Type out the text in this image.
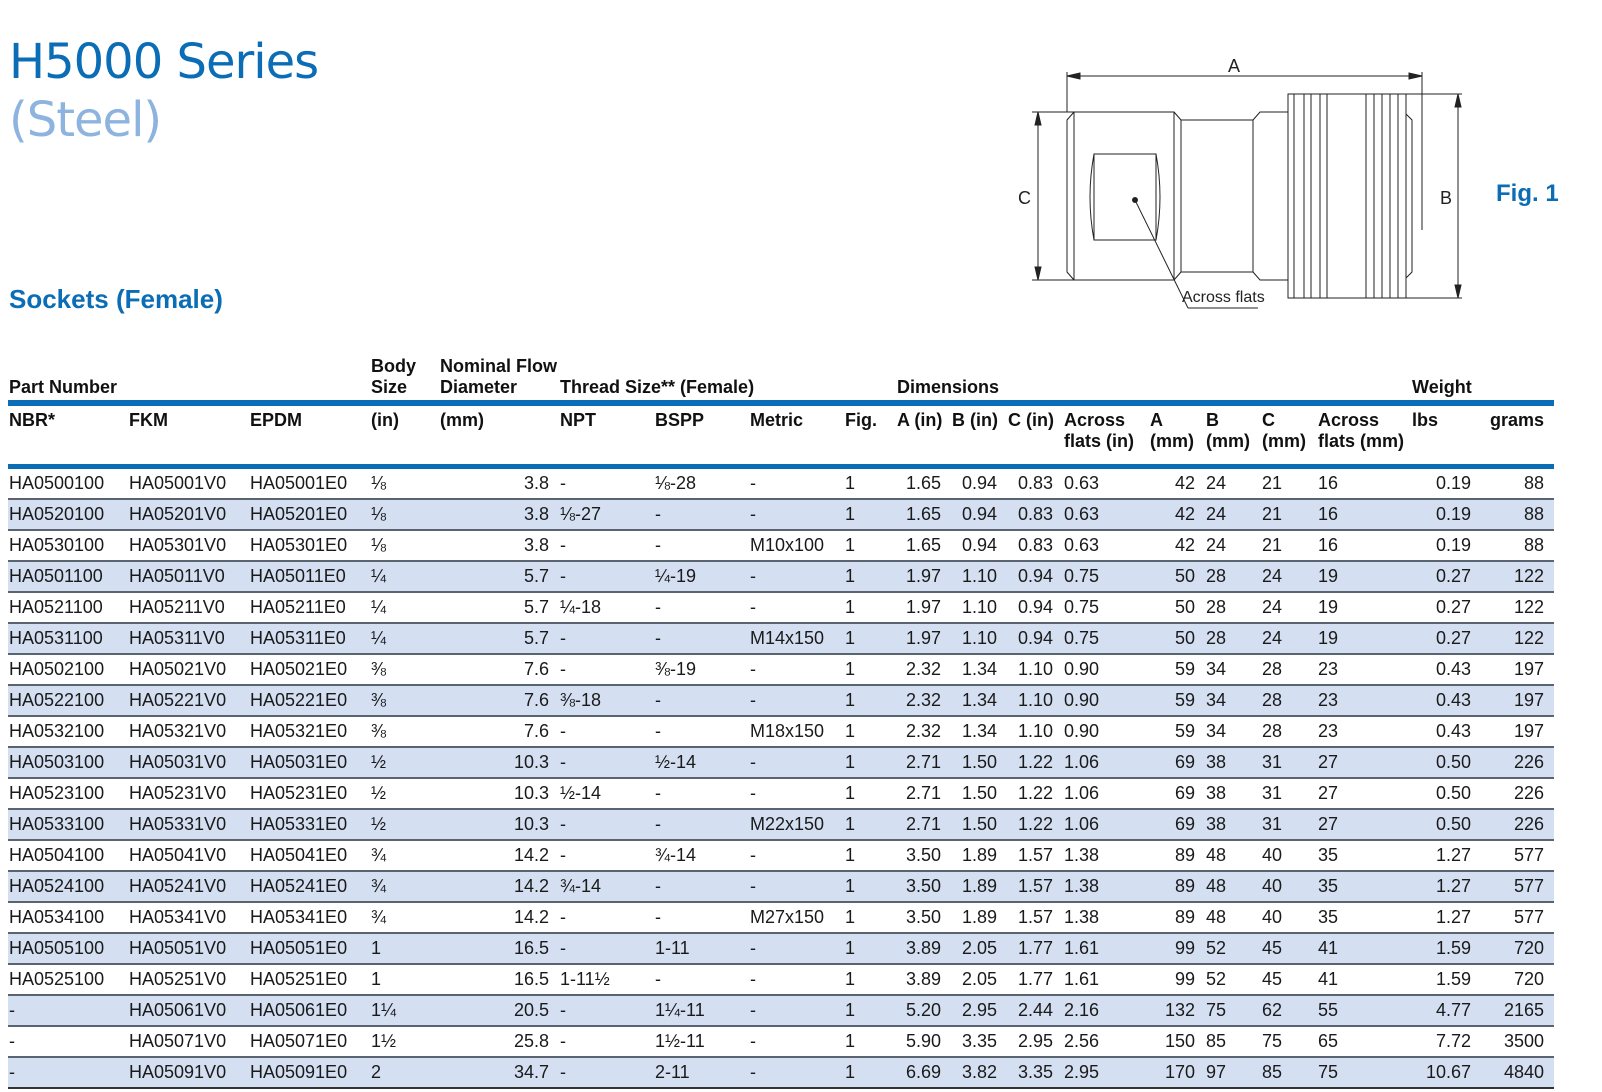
H5000 Series
(Steel)
Sockets (Female)
A
C	B
Across flats
Fig. 1
Part Number			Body Size	Nominal Flow Diameter	Thread Size** (Female)				Dimensions								Weight	
NBR*	FKM	EPDM	(in)	(mm)	NPT	BSPP	Metric	Fig.	A (in)	B (in)	C (in)	Across flats (in)	A (mm)	B (mm)	C (mm)	Across flats (mm)	lbs	grams
HA0500100	HA05001V0	HA05001E0	⅛	3.8	-	⅛-28	-	1	1.65	0.94	0.83	0.63	42	24	21	16	0.19	88
HA0520100	HA05201V0	HA05201E0	⅛	3.8	⅛-27	-	-	1	1.65	0.94	0.83	0.63	42	24	21	16	0.19	88
HA0530100	HA05301V0	HA05301E0	⅛	3.8	-	-	M10x100	1	1.65	0.94	0.83	0.63	42	24	21	16	0.19	88
HA0501100	HA05011V0	HA05011E0	¼	5.7	-	¼-19	-	1	1.97	1.10	0.94	0.75	50	28	24	19	0.27	122
HA0521100	HA05211V0	HA05211E0	¼	5.7	¼-18	-	-	1	1.97	1.10	0.94	0.75	50	28	24	19	0.27	122
HA0531100	HA05311V0	HA05311E0	¼	5.7	-	-	M14x150	1	1.97	1.10	0.94	0.75	50	28	24	19	0.27	122
HA0502100	HA05021V0	HA05021E0	⅜	7.6	-	⅜-19	-	1	2.32	1.34	1.10	0.90	59	34	28	23	0.43	197
HA0522100	HA05221V0	HA05221E0	⅜	7.6	⅜-18	-	-	1	2.32	1.34	1.10	0.90	59	34	28	23	0.43	197
HA0532100	HA05321V0	HA05321E0	⅜	7.6	-	-	M18x150	1	2.32	1.34	1.10	0.90	59	34	28	23	0.43	197
HA0503100	HA05031V0	HA05031E0	½	10.3	-	½-14	-	1	2.71	1.50	1.22	1.06	69	38	31	27	0.50	226
HA0523100	HA05231V0	HA05231E0	½	10.3	½-14	-	-	1	2.71	1.50	1.22	1.06	69	38	31	27	0.50	226
HA0533100	HA05331V0	HA05331E0	½	10.3	-	-	M22x150	1	2.71	1.50	1.22	1.06	69	38	31	27	0.50	226
HA0504100	HA05041V0	HA05041E0	¾	14.2	-	¾-14	-	1	3.50	1.89	1.57	1.38	89	48	40	35	1.27	577
HA0524100	HA05241V0	HA05241E0	¾	14.2	¾-14	-	-	1	3.50	1.89	1.57	1.38	89	48	40	35	1.27	577
HA0534100	HA05341V0	HA05341E0	¾	14.2	-	-	M27x150	1	3.50	1.89	1.57	1.38	89	48	40	35	1.27	577
HA0505100	HA05051V0	HA05051E0	1	16.5	-	1-11	-	1	3.89	2.05	1.77	1.61	99	52	45	41	1.59	720
HA0525100	HA05251V0	HA05251E0	1	16.5	1-11½	-	-	1	3.89	2.05	1.77	1.61	99	52	45	41	1.59	720
-	HA05061V0	HA05061E0	1¼	20.5	-	1¼-11	-	1	5.20	2.95	2.44	2.16	132	75	62	55	4.77	2165
-	HA05071V0	HA05071E0	1½	25.8	-	1½-11	-	1	5.90	3.35	2.95	2.56	150	85	75	65	7.72	3500
-	HA05091V0	HA05091E0	2	34.7	-	2-11	-	1	6.69	3.82	3.35	2.95	170	97	85	75	10.67	4840
